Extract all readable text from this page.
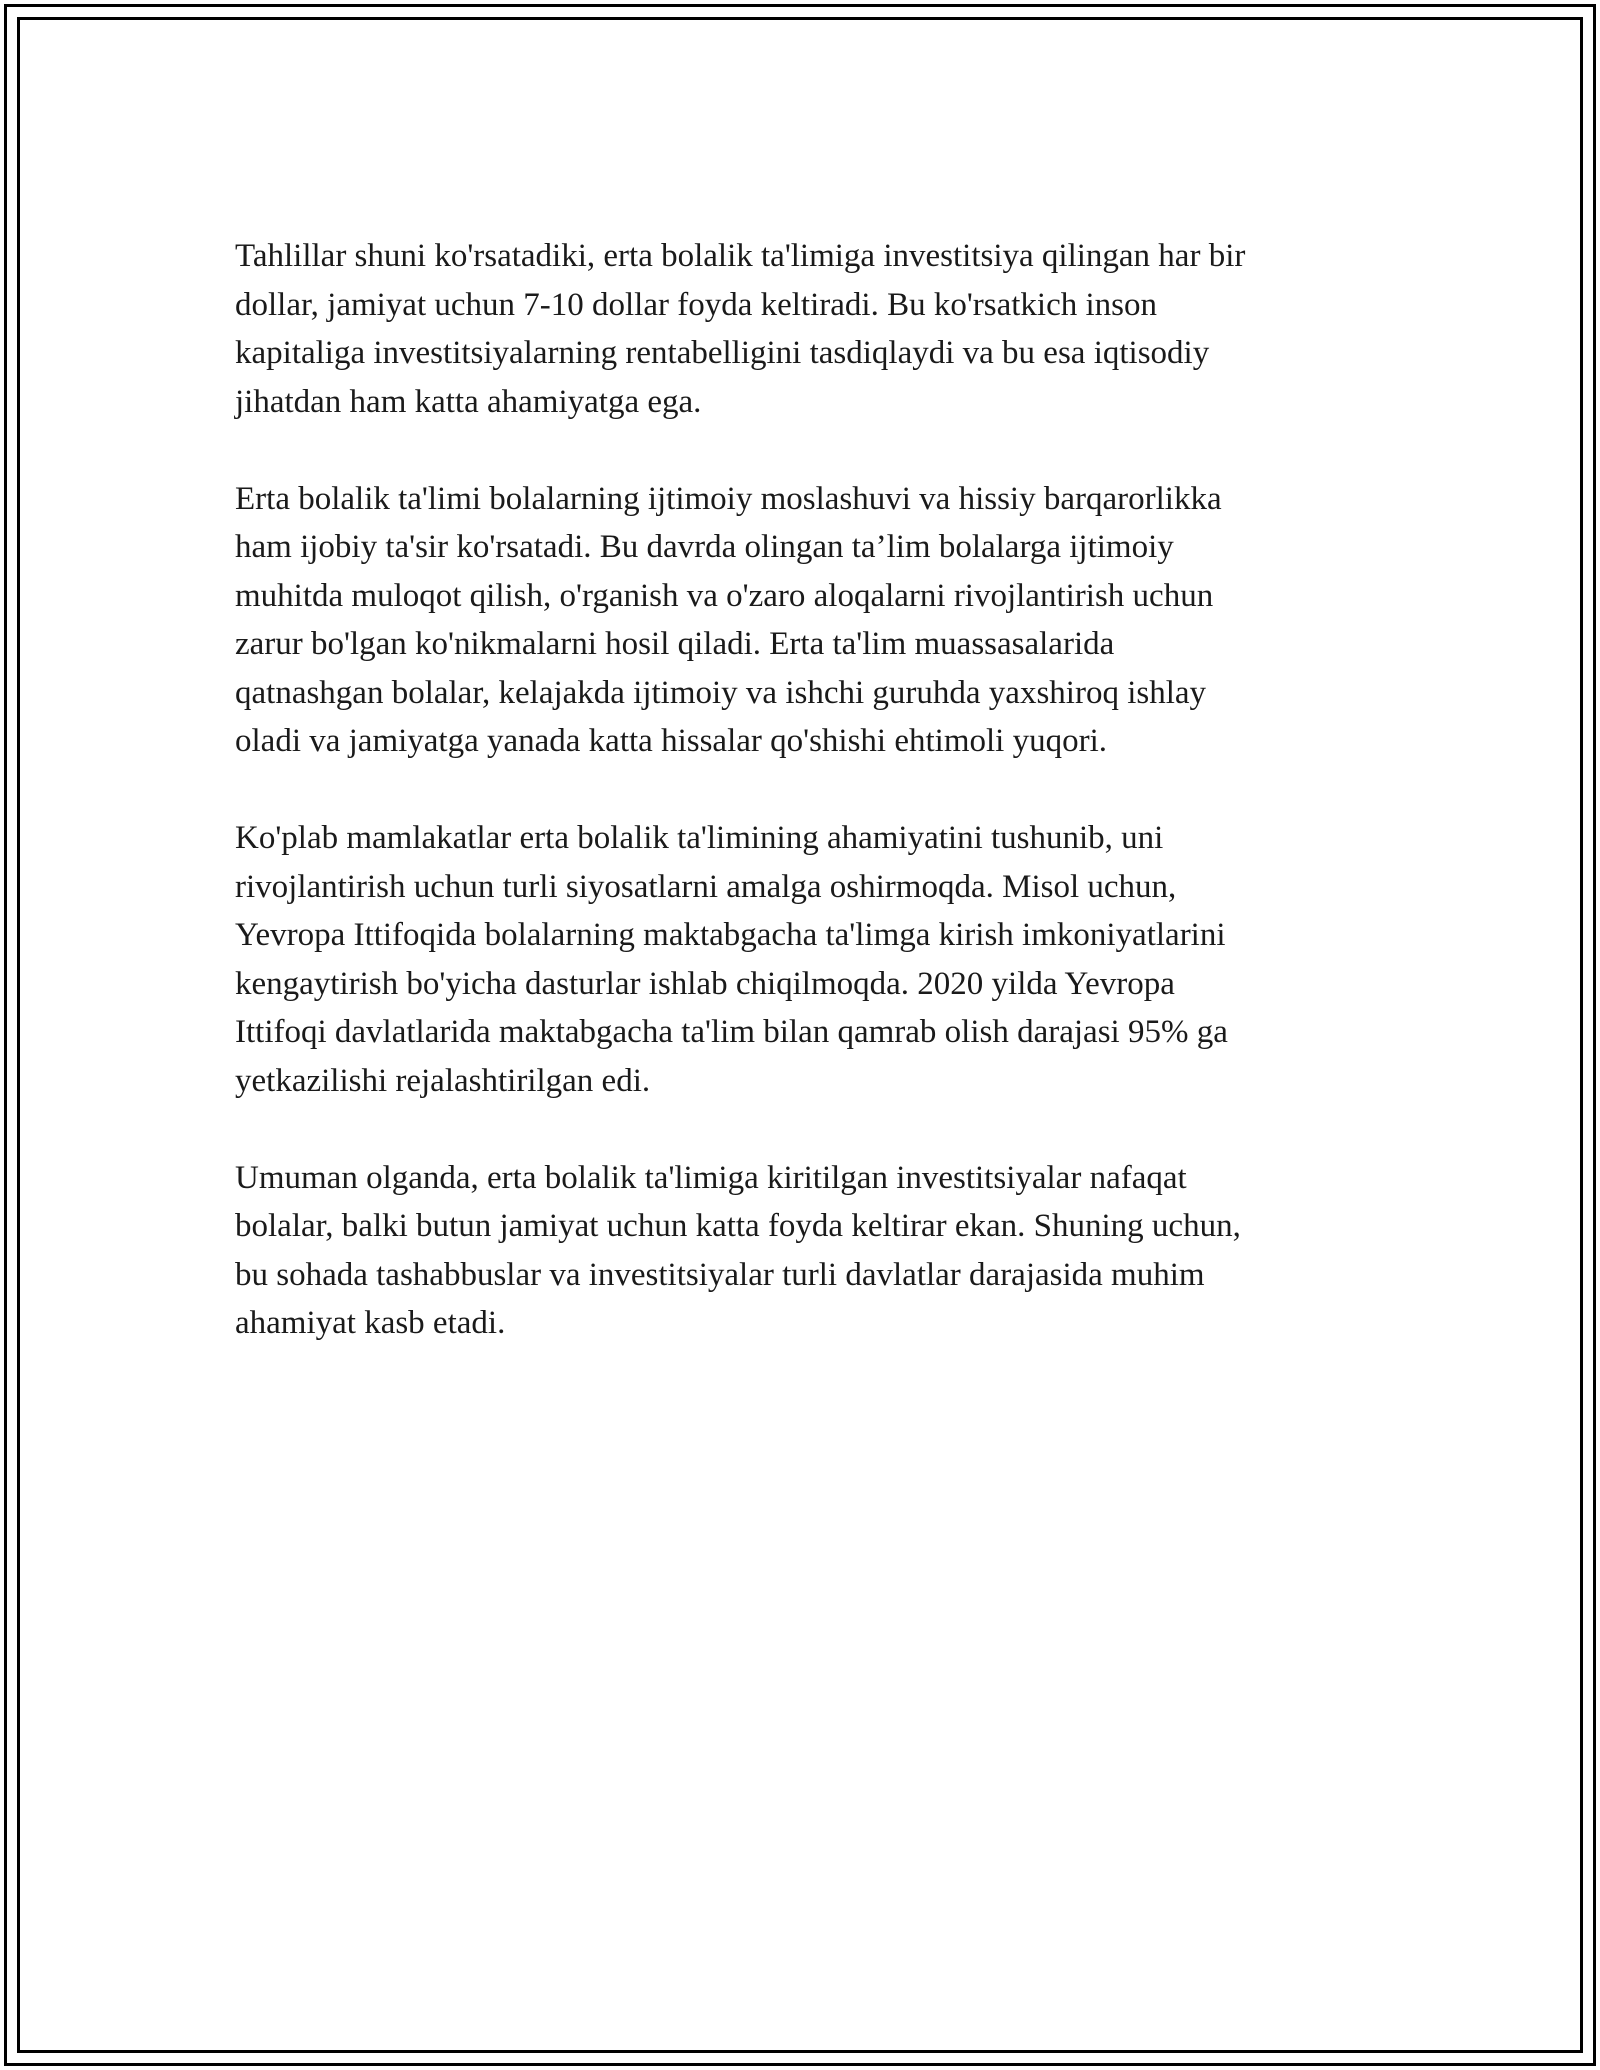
Tahlillar shuni ko'rsatadiki, erta bolalik ta'limiga investitsiya qilingan har bir
dollar, jamiyat uchun 7-10 dollar foyda keltiradi. Bu ko'rsatkich inson
kapitaliga investitsiyalarning rentabelligini tasdiqlaydi va bu esa iqtisodiy
jihatdan ham katta ahamiyatga ega.

Erta bolalik ta'limi bolalarning ijtimoiy moslashuvi va hissiy barqarorlikka
ham ijobiy ta'sir ko'rsatadi. Bu davrda olingan ta’lim bolalarga ijtimoiy
muhitda muloqot qilish, o'rganish va o'zaro aloqalarni rivojlantirish uchun
zarur bo'lgan ko'nikmalarni hosil qiladi. Erta ta'lim muassasalarida
qatnashgan bolalar, kelajakda ijtimoiy va ishchi guruhda yaxshiroq ishlay
oladi va jamiyatga yanada katta hissalar qo'shishi ehtimoli yuqori.

Ko'plab mamlakatlar erta bolalik ta'limining ahamiyatini tushunib, uni
rivojlantirish uchun turli siyosatlarni amalga oshirmoqda. Misol uchun,
Yevropa Ittifoqida bolalarning maktabgacha ta'limga kirish imkoniyatlarini
kengaytirish bo'yicha dasturlar ishlab chiqilmoqda. 2020 yilda Yevropa
Ittifoqi davlatlarida maktabgacha ta'lim bilan qamrab olish darajasi 95% ga
yetkazilishi rejalashtirilgan edi.

Umuman olganda, erta bolalik ta'limiga kiritilgan investitsiyalar nafaqat
bolalar, balki butun jamiyat uchun katta foyda keltirar ekan. Shuning uchun,
bu sohada tashabbuslar va investitsiyalar turli davlatlar darajasida muhim
ahamiyat kasb etadi.
